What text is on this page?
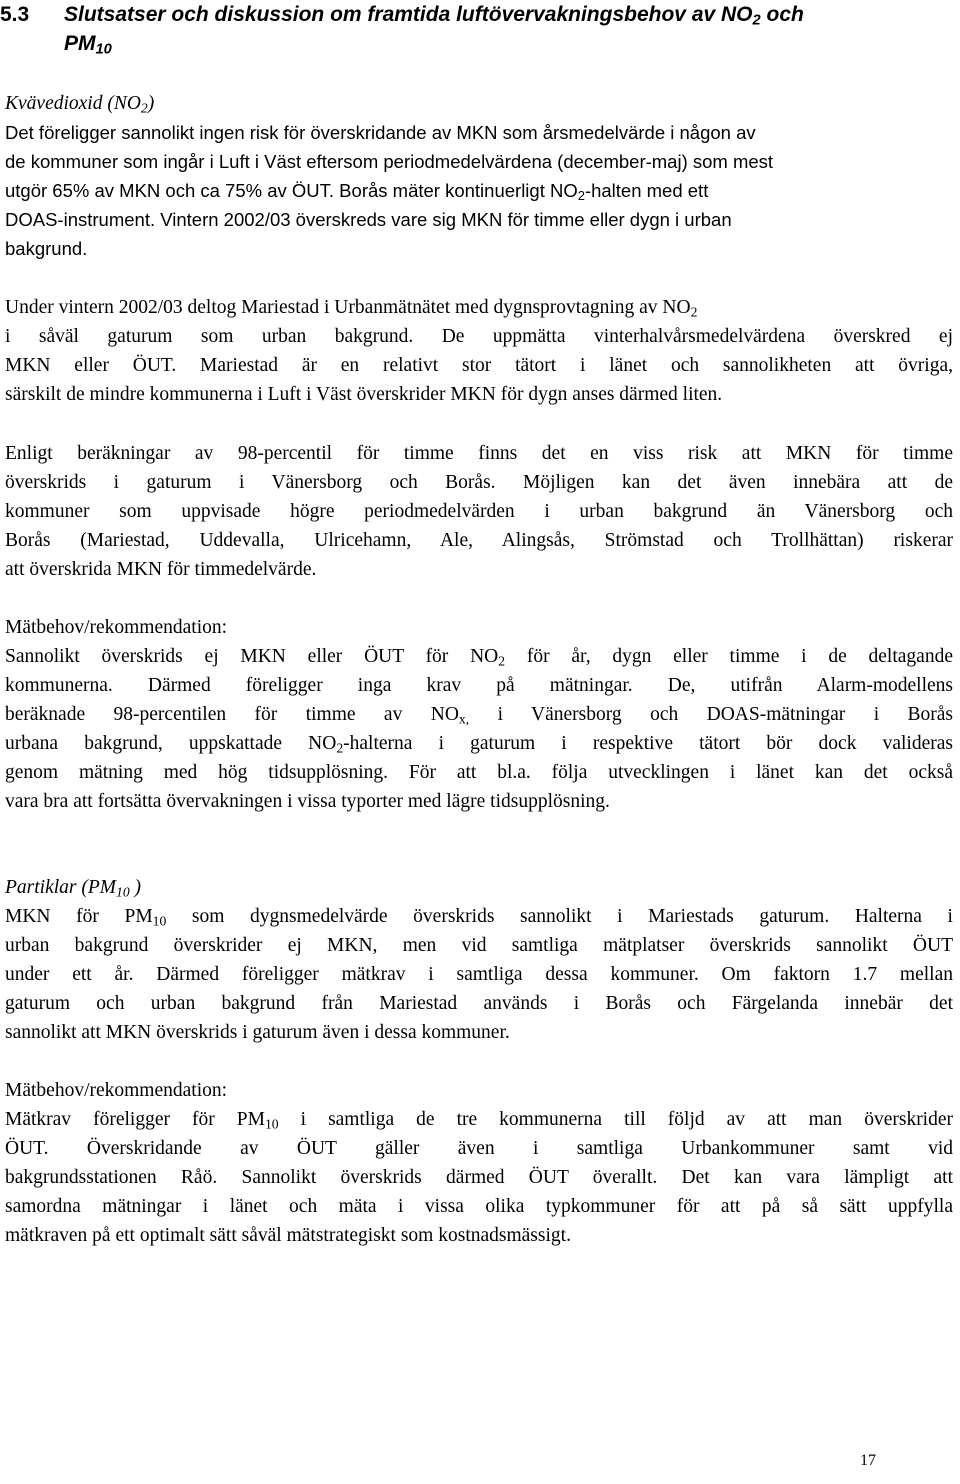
5.3 Slutsatser och diskussion om framtida luftövervakningsbehov av $NO_2$ och
$PM_{10}$
Kvävedioxid $(NO_2)$
Det föreligger sannolikt ingen risk för överskridande av MKN som årsmedelvärde i någon av
de kommuner som ingår i Luft i Väst eftersom periodmedelvärdena (december-maj) som mest
utgör 65% av MKN och ca 75% av ÖUT. Borås mäter kontinuerligt $NO_2$-halten med ett
DOAS-instrument. Vintern 2002/03 överskreds vare sig MKN för timme eller dygn i urban
bakgrund.
Under vintern 2002/03 deltog Mariestad i Urbanmätnätet med dygnsprovtagning av $NO_2$
i såväl gaturum som urban bakgrund. De uppmätta vinterhalvårsmedelvärdena överskred ej
MKN eller ÖUT. Mariestad är en relativt stor tätort i länet och sannolikheten att övriga,
särskilt de mindre kommunerna i Luft i Väst överskrider MKN för dygn anses därmed liten.
Enligt beräkningar av 98-percentil för timme finns det en viss risk att MKN för timme
överskrids i gaturum i Vänersborg och Borås. Möjligen kan det även innebära att de
kommuner som uppvisade högre periodmedelvärden i urban bakgrund än Vänersborg och
Borås (Mariestad, Uddevalla, Ulricehamn, Ale, Alingsås, Strömstad och Trollhättan) riskerar
att överskrida MKN för timmedelvärde.
Mätbehov/rekommendation:
Sannolikt överskrids ej MKN eller ÖUT för $NO_2$ för år, dygn eller timme i de deltagande
kommunerna. Därmed föreligger inga krav på mätningar. De, utifrån Alarm-modellens
beräknade 98-percentilen för timme av $NO_{x,}$ i Vänersborg och DOAS-mätningar i Borås
urbana bakgrund, uppskattade $NO_2$-halterna i gaturum i respektive tätort bör dock valideras
genom mätning med hög tidsupplösning. För att bl.a. följa utvecklingen i länet kan det också
vara bra att fortsätta övervakningen i vissa typorter med lägre tidsupplösning.
Partiklar ($PM_{10}$ )
MKN för $PM_{10}$ som dygnsmedelvärde överskrids sannolikt i Mariestads gaturum. Halterna i
urban bakgrund överskrider ej MKN, men vid samtliga mätplatser överskrids sannolikt ÖUT
under ett år. Därmed föreligger mätkrav i samtliga dessa kommuner. Om faktorn 1.7 mellan
gaturum och urban bakgrund från Mariestad används i Borås och Färgelanda innebär det
sannolikt att MKN överskrids i gaturum även i dessa kommuner.
Mätbehov/rekommendation:
Mätkrav föreligger för $PM_{10}$ i samtliga de tre kommunerna till följd av att man överskrider
ÖUT. Överskridande av ÖUT gäller även i samtliga Urbankommuner samt vid
bakgrundsstationen Råö. Sannolikt överskrids därmed ÖUT överallt. Det kan vara lämpligt att
samordna mätningar i länet och mäta i vissa olika typkommuner för att på så sätt uppfylla
mätkraven på ett optimalt sätt såväl mätstrategiskt som kostnadsmässigt.
17
